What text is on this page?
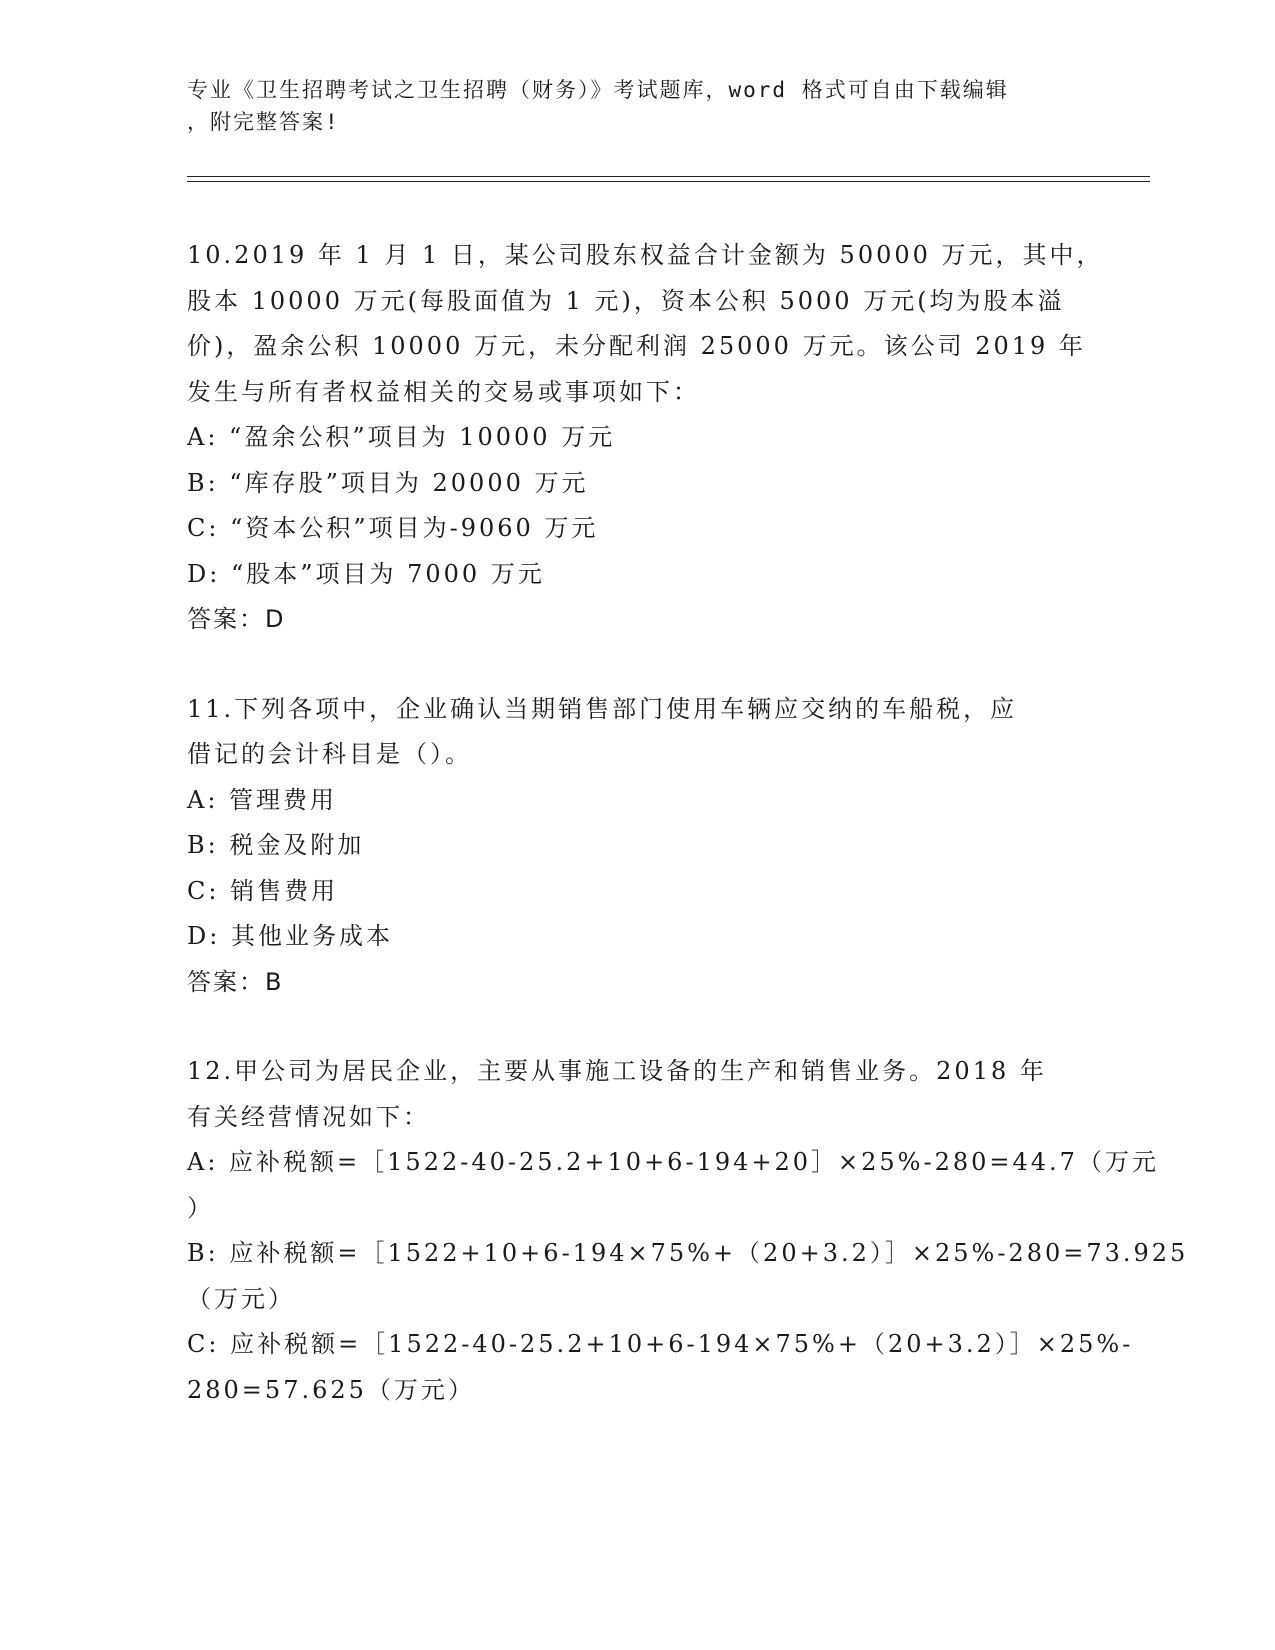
专业《卫生招聘考试之卫生招聘（财务）》考试题库，word 格式可自由下载编辑
，附完整答案!
10.2019 年 1 月 1 日，某公司股东权益合计金额为 50000 万元，其中，
股本 10000 万元(每股面值为 1 元)，资本公积 5000 万元(均为股本溢
价)，盈余公积 10000 万元，未分配利润 25000 万元。该公司 2019 年
发生与所有者权益相关的交易或事项如下：
A: “盈余公积”项目为 10000 万元
B: “库存股”项目为 20000 万元
C: “资本公积”项目为-9060 万元
D: “股本”项目为 7000 万元
答案：D
11.下列各项中，企业确认当期销售部门使用车辆应交纳的车船税，应
借记的会计科目是（）。
A: 管理费用
B: 税金及附加
C: 销售费用
D: 其他业务成本
答案：B
12.甲公司为居民企业，主要从事施工设备的生产和销售业务。2018 年
有关经营情况如下：
A: 应补税额=［1522-40-25.2+10+6-194+20］×25%-280=44.7（万元
）
B: 应补税额=［1522+10+6-194×75%+（20+3.2）］×25%-280=73.925
（万元）
C: 应补税额=［1522-40-25.2+10+6-194×75%+（20+3.2）］×25%-
280=57.625（万元）
